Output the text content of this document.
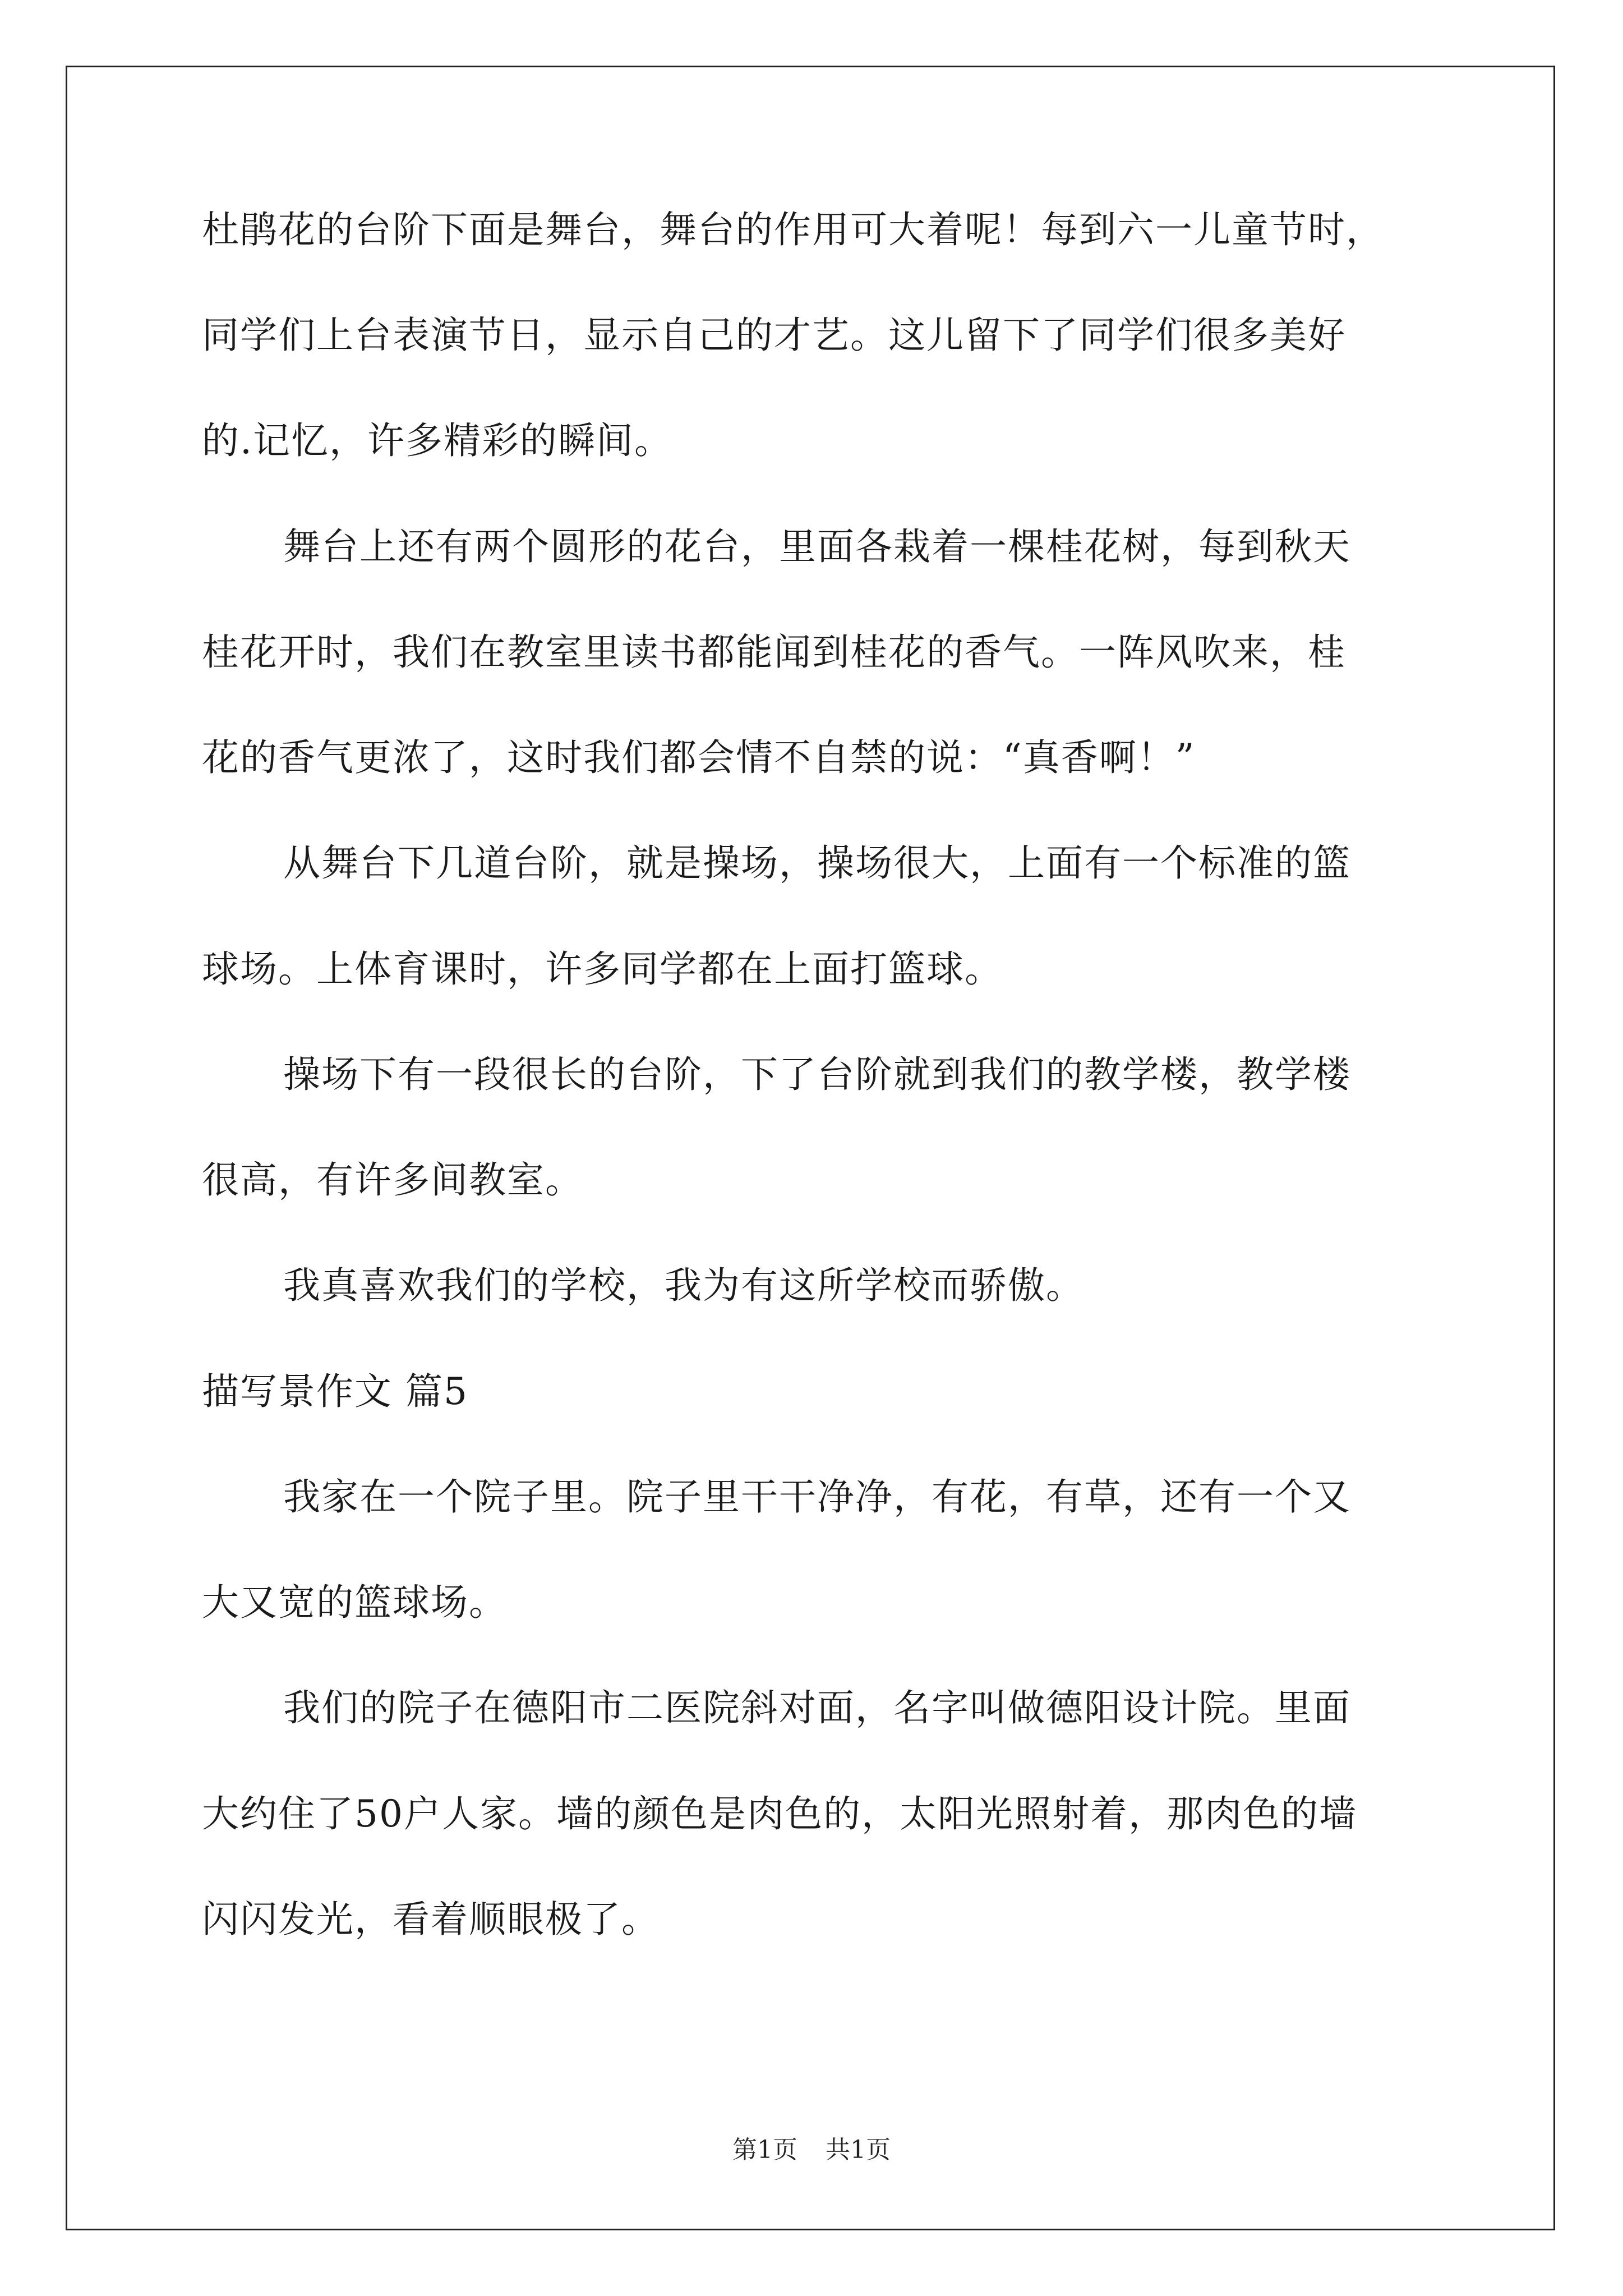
杜鹃花的台阶下面是舞台，舞台的作用可大着呢！每到六一儿童节时，
同学们上台表演节日，显示自己的才艺。这儿留下了同学们很多美好
的.记忆，许多精彩的瞬间。
舞台上还有两个圆形的花台，里面各栽着一棵桂花树，每到秋天
桂花开时，我们在教室里读书都能闻到桂花的香气。一阵风吹来，桂
花的香气更浓了，这时我们都会情不自禁的说：“真香啊！”
从舞台下几道台阶，就是操场，操场很大，上面有一个标准的篮
球场。上体育课时，许多同学都在上面打篮球。
操场下有一段很长的台阶，下了台阶就到我们的教学楼，教学楼
很高，有许多间教室。
我真喜欢我们的学校，我为有这所学校而骄傲。
描写景作文 篇5
我家在一个院子里。院子里干干净净，有花，有草，还有一个又
大又宽的篮球场。
我们的院子在德阳市二医院斜对面，名字叫做德阳设计院。里面
大约住了50户人家。墙的颜色是肉色的，太阳光照射着，那肉色的墙
闪闪发光，看着顺眼极了。
第1页 共1页
